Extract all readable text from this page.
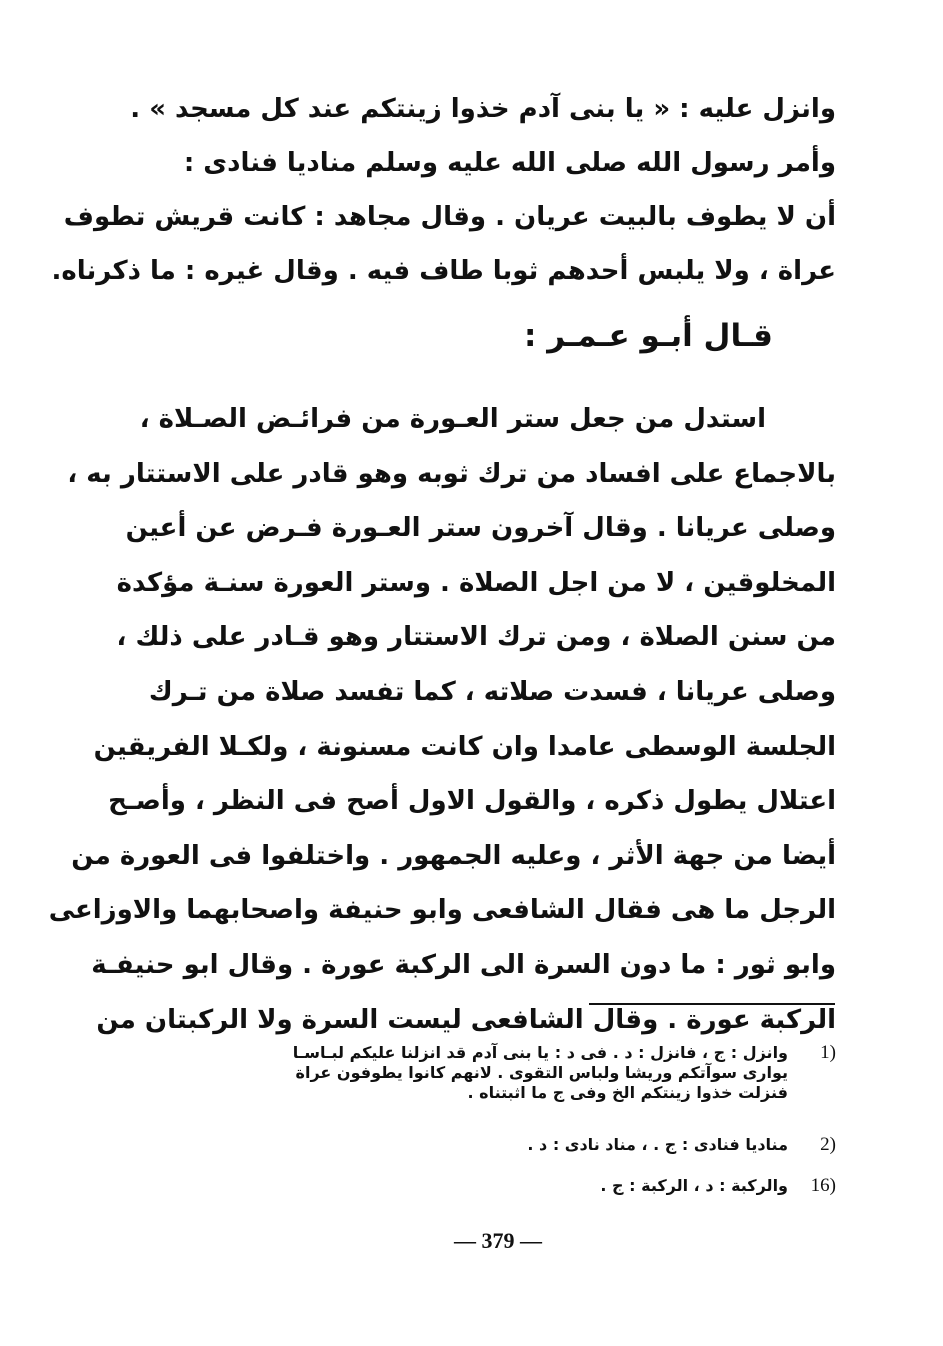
وانزل عليه : « يا بنى آدم خذوا زينتكم عند كل مسجد » .
وأمر رسول الله صلى الله عليه وسلم مناديا فنادى :
أن لا يطوف بالبيت عريان . وقال مجاهد : كانت قريش تطوف
عراة ، ولا يلبس أحدهم ثوبا طاف فيه . وقال غيره : ما ذكرناه.
قـال أبـو عـمـر :
استدل من جعل ستر العـورة من فرائـض الصـلاة ،
بالاجماع على افساد من ترك ثوبه وهو قادر على الاستتار به ،
وصلى عريانا . وقال آخرون ستر العـورة فـرض عن أعين
المخلوقين ، لا من اجل الصلاة . وستر العورة سنـة مؤكدة
من سنن الصلاة ، ومن ترك الاستتار وهو قـادر على ذلك ،
وصلى عريانا ، فسدت صلاته ، كما تفسد صلاة من تـرك
الجلسة الوسطى عامدا وان كانت مسنونة ، ولكـلا الفريقين
اعتلال يطول ذكره ، والقول الاول أصح فى النظر ، وأصـح
أيضا من جهة الأثر ، وعليه الجمهور . واختلفوا فى العورة من
الرجل ما هى فقال الشافعى وابو حنيفة واصحابهما والاوزاعى
وابو ثور : ما دون السرة الى الركبة عورة . وقال ابو حنيفـة
الركبة عورة . وقال الشافعى ليست السرة ولا الركبتان من
1)
وانزل : ج ، فانزل : د . فى د : يا بنى آدم قد انزلنا عليكم لبـاسـا
يوارى سوآتكم وريشا ولباس التقوى . لانهم كانوا يطوفون عراة
فنزلت خذوا زينتكم الخ وفى ج ما اثبتناه .
2)
مناديا فنادى : ج . ، مناد نادى : د .
16)
والركبة : د ، الركبة : ج .
— 379 —
